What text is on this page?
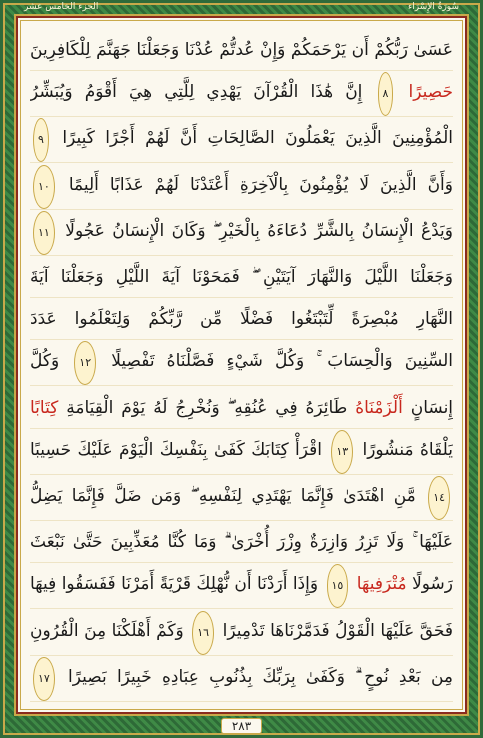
الجزء الخامس عشر	سُورَةُ الإِسْرَاء
عَسَىٰ رَبُّكُمْ أَن يَرْحَمَكُمْ وَإِنْ عُدتُّمْ عُدْنَا وَجَعَلْنَا جَهَنَّمَ لِلْكَافِرِينَ
حَصِيرًا ٨ إِنَّ هَٰذَا الْقُرْآنَ يَهْدِي لِلَّتِي هِيَ أَقْوَمُ وَيُبَشِّرُ
الْمُؤْمِنِينَ الَّذِينَ يَعْمَلُونَ الصَّالِحَاتِ أَنَّ لَهُمْ أَجْرًا كَبِيرًا ٩
وَأَنَّ الَّذِينَ لَا يُؤْمِنُونَ بِالْآخِرَةِ أَعْتَدْنَا لَهُمْ عَذَابًا أَلِيمًا ١٠
وَيَدْعُ الْإِنسَانُ بِالشَّرِّ دُعَاءَهُ بِالْخَيْرِ ۖ وَكَانَ الْإِنسَانُ عَجُولًا ١١
وَجَعَلْنَا اللَّيْلَ وَالنَّهَارَ آيَتَيْنِ ۖ فَمَحَوْنَا آيَةَ اللَّيْلِ وَجَعَلْنَا آيَةَ
النَّهَارِ مُبْصِرَةً لِّتَبْتَغُوا فَضْلًا مِّن رَّبِّكُمْ وَلِتَعْلَمُوا عَدَدَ
السِّنِينَ وَالْحِسَابَ ۚ وَكُلَّ شَيْءٍ فَصَّلْنَاهُ تَفْصِيلًا ١٢ وَكُلَّ
إِنسَانٍ أَلْزَمْنَاهُ طَائِرَهُ فِي عُنُقِهِ ۖ وَنُخْرِجُ لَهُ يَوْمَ الْقِيَامَةِ كِتَابًا
يَلْقَاهُ مَنشُورًا ١٣ اقْرَأْ كِتَابَكَ كَفَىٰ بِنَفْسِكَ الْيَوْمَ عَلَيْكَ حَسِيبًا
١٤ مَّنِ اهْتَدَىٰ فَإِنَّمَا يَهْتَدِي لِنَفْسِهِ ۖ وَمَن ضَلَّ فَإِنَّمَا يَضِلُّ
عَلَيْهَا ۚ وَلَا تَزِرُ وَازِرَةٌ وِزْرَ أُخْرَىٰ ۗ وَمَا كُنَّا مُعَذِّبِينَ حَتَّىٰ نَبْعَثَ
رَسُولًا مُتْرَفِيهَا ١٥ وَإِذَا أَرَدْنَا أَن نُّهْلِكَ قَرْيَةً أَمَرْنَا فَفَسَقُوا فِيهَا
فَحَقَّ عَلَيْهَا الْقَوْلُ فَدَمَّرْنَاهَا تَدْمِيرًا ١٦ وَكَمْ أَهْلَكْنَا مِنَ الْقُرُونِ
مِن بَعْدِ نُوحٍ ۗ وَكَفَىٰ بِرَبِّكَ بِذُنُوبِ عِبَادِهِ خَبِيرًا بَصِيرًا ١٧
٢٨٣
